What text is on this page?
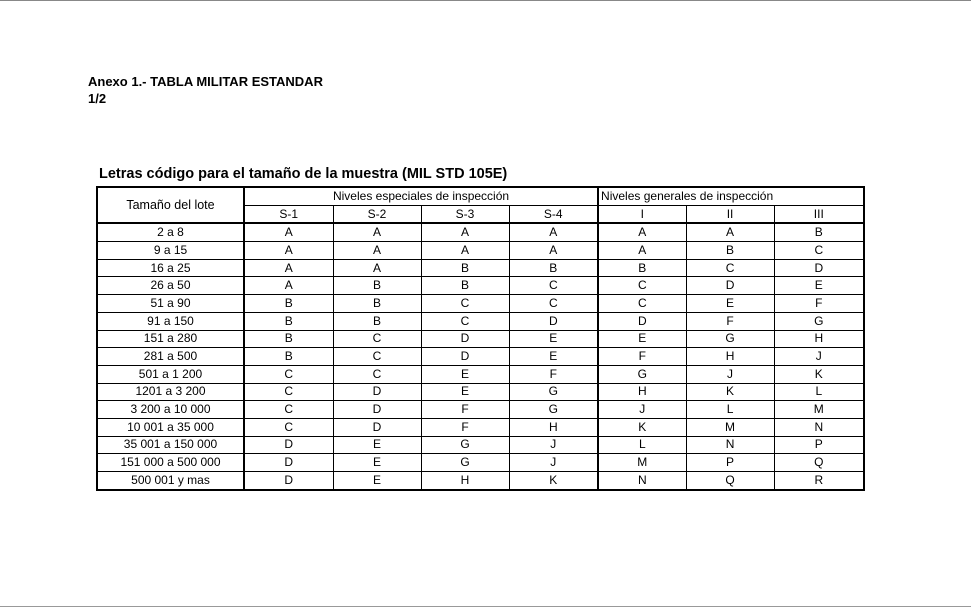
Anexo 1.- TABLA MILITAR ESTANDAR
1/2
Letras código para el tamaño de la muestra (MIL STD 105E)
Tamaño del lote	Niveles especiales de inspección				Niveles generales de inspección		
	S-1	S-2	S-3	S-4	I	II	III
2 a 8	A	A	A	A	A	A	B
9 a 15	A	A	A	A	A	B	C
16 a 25	A	A	B	B	B	C	D
26 a 50	A	B	B	C	C	D	E
51 a 90	B	B	C	C	C	E	F
91 a 150	B	B	C	D	D	F	G
151 a 280	B	C	D	E	E	G	H
281 a 500	B	C	D	E	F	H	J
501 a 1 200	C	C	E	F	G	J	K
1201 a 3 200	C	D	E	G	H	K	L
3 200 a 10 000	C	D	F	G	J	L	M
10 001 a 35 000	C	D	F	H	K	M	N
35 001 a 150 000	D	E	G	J	L	N	P
151 000 a 500 000	D	E	G	J	M	P	Q
500 001 y mas	D	E	H	K	N	Q	R
